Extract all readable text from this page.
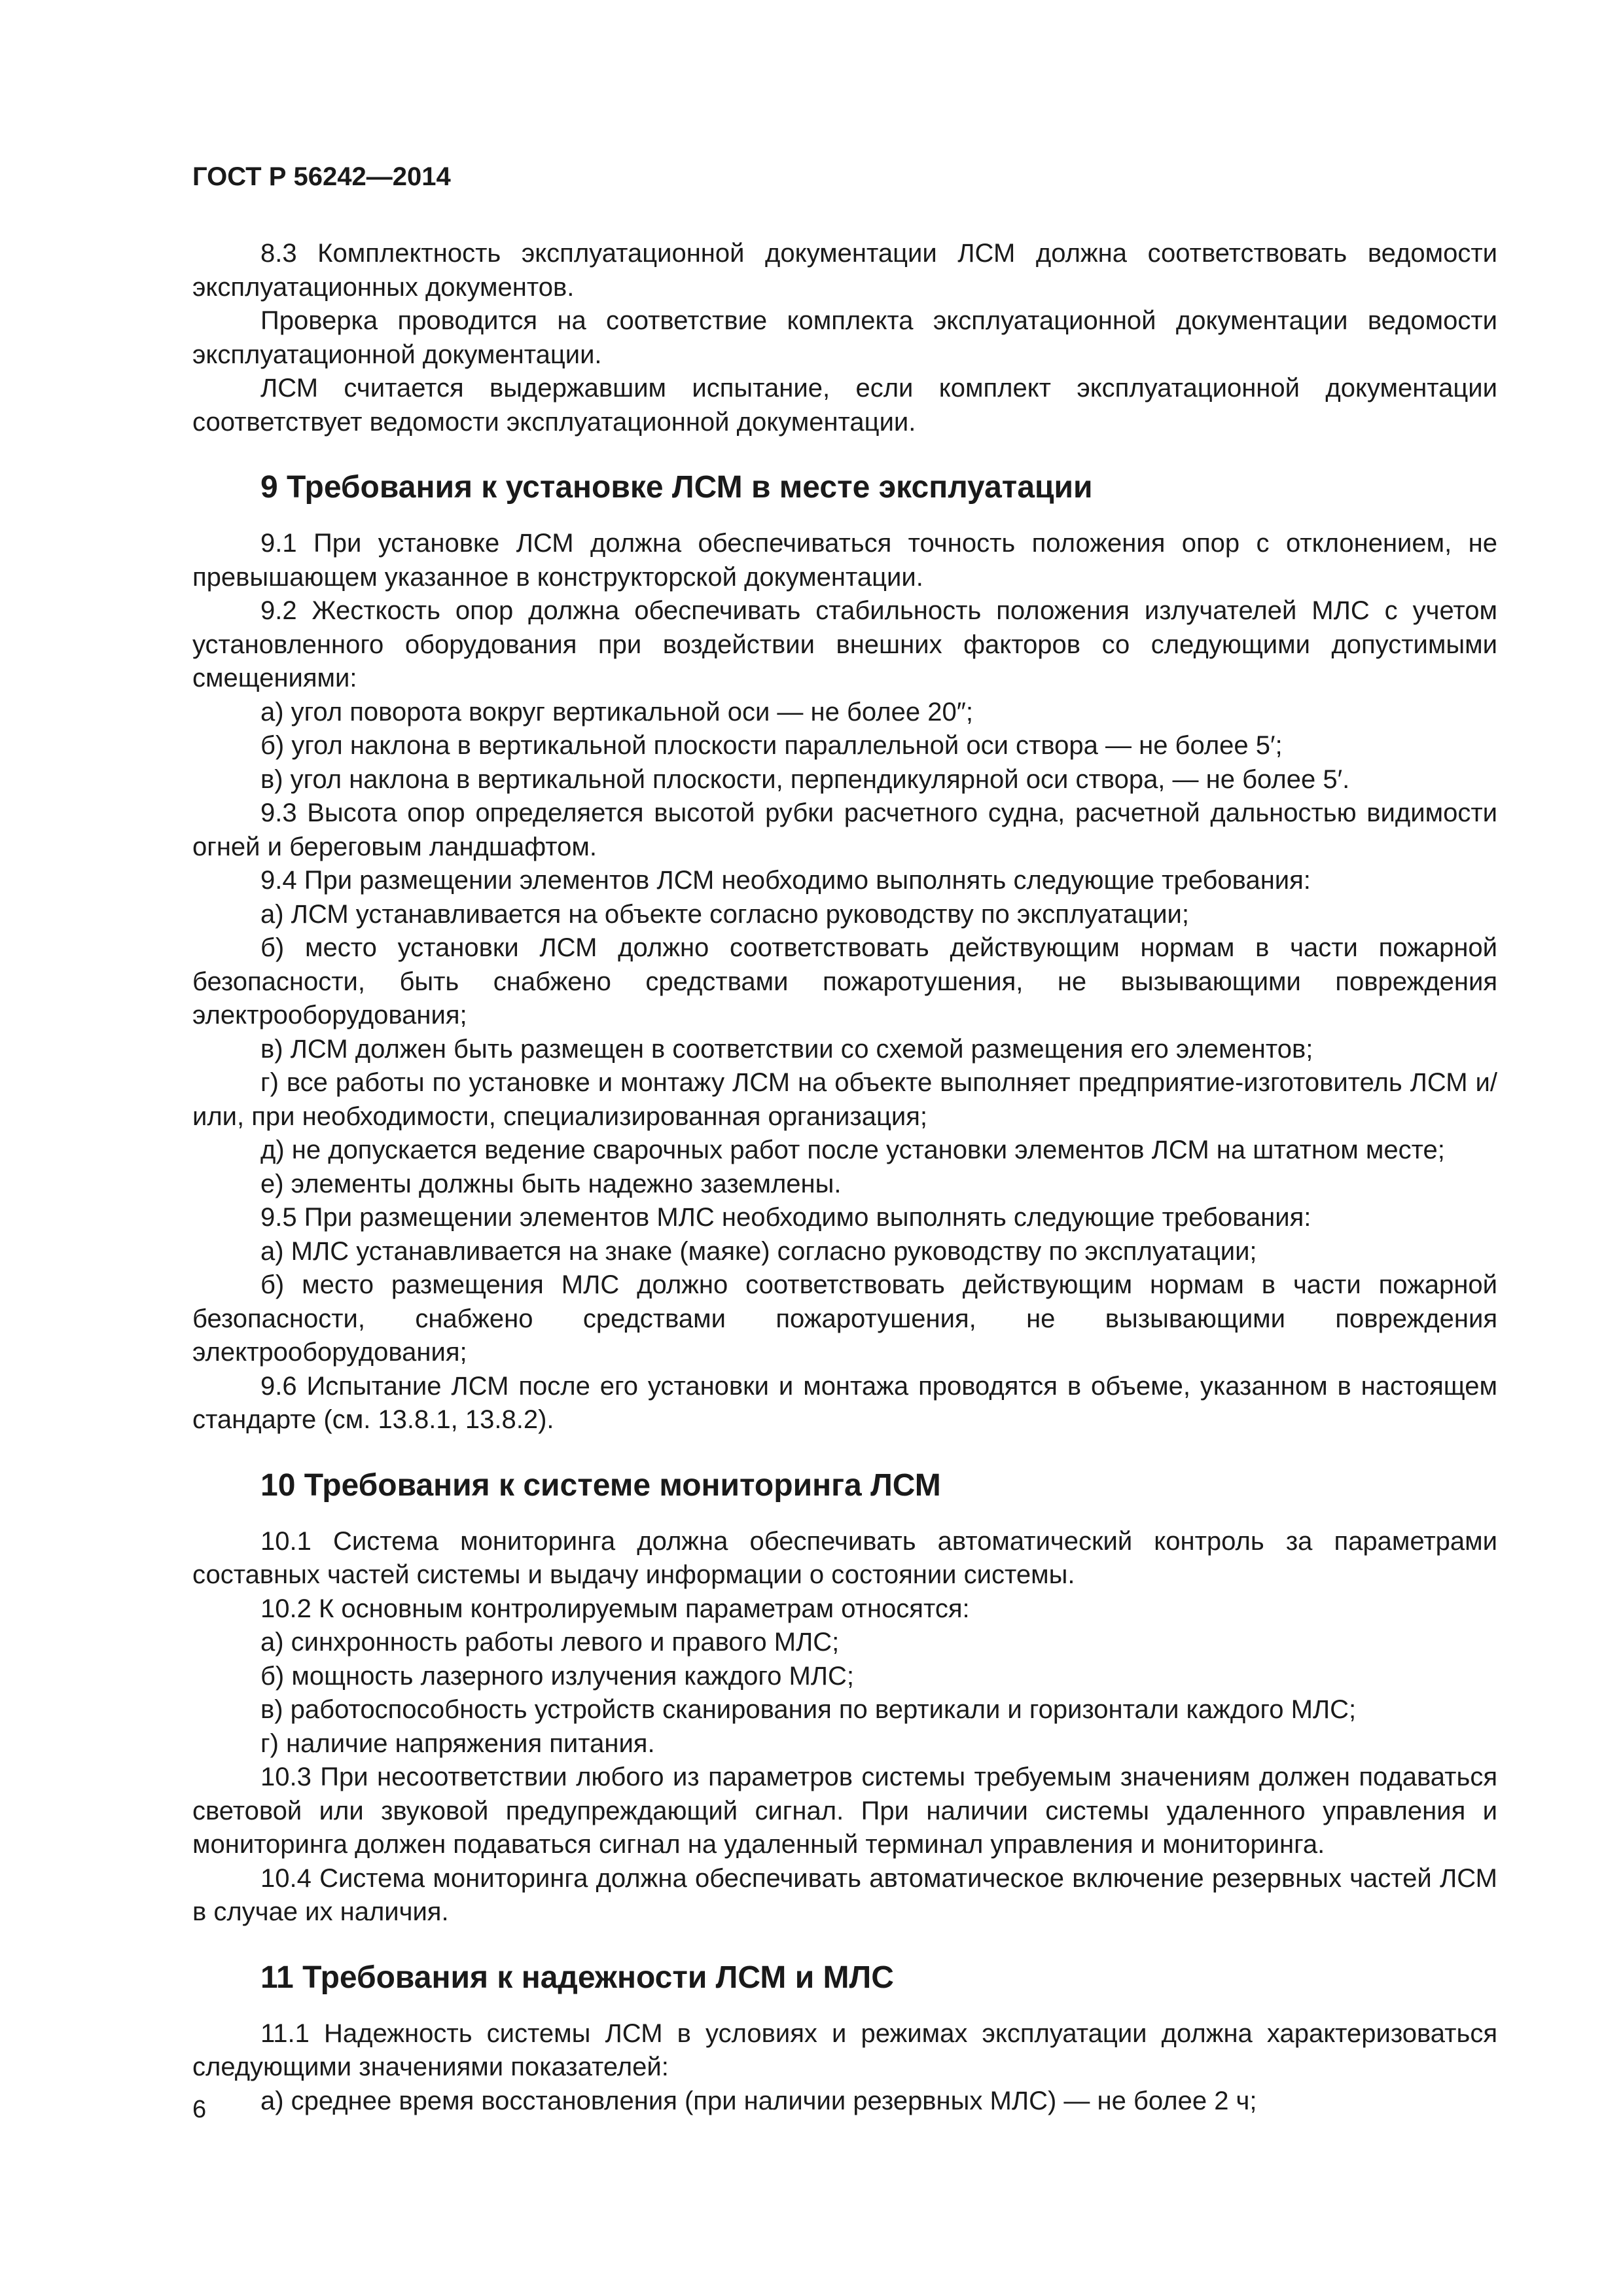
ГОСТ Р 56242—2014

8.3 Комплектность эксплуатационной документации ЛСМ должна соответствовать ведомости эксплуатационных документов.

Проверка проводится на соответствие комплекта эксплуатационной документации ведомости эксплуатационной документации.

ЛСМ считается выдержавшим испытание, если комплект эксплуатационной документации соответствует ведомости эксплуатационной документации.

9 Требования к установке ЛСМ в месте эксплуатации

9.1 При установке ЛСМ должна обеспечиваться точность положения опор с отклонением, не превышающем указанное в конструкторской документации.

9.2 Жесткость опор должна обеспечивать стабильность положения излучателей МЛС с учетом установленного оборудования при воздействии внешних факторов со следующими допустимыми смещениями:

а) угол поворота вокруг вертикальной оси — не более 20″;

б) угол наклона в вертикальной плоскости параллельной оси створа — не более 5′;

в) угол наклона в вертикальной плоскости, перпендикулярной оси створа, — не более 5′.

9.3 Высота опор определяется высотой рубки расчетного судна, расчетной дальностью видимости огней и береговым ландшафтом.

9.4 При размещении элементов ЛСМ необходимо выполнять следующие требования:

а) ЛСМ устанавливается на объекте согласно руководству по эксплуатации;

б) место установки ЛСМ должно соответствовать действующим нормам в части пожарной безопасности, быть снабжено средствами пожаротушения, не вызывающими повреждения электрооборудования;

в) ЛСМ должен быть размещен в соответствии со схемой размещения его элементов;

г) все работы по установке и монтажу ЛСМ на объекте выполняет предприятие-изготовитель ЛСМ и/или, при необходимости, специализированная организация;

д) не допускается ведение сварочных работ после установки элементов ЛСМ на штатном месте;

е) элементы должны быть надежно заземлены.

9.5 При размещении элементов МЛС необходимо выполнять следующие требования:

а) МЛС устанавливается на знаке (маяке) согласно руководству по эксплуатации;

б) место размещения МЛС должно соответствовать действующим нормам в части пожарной безопасности, снабжено средствами пожаротушения, не вызывающими повреждения электрооборудования;

9.6 Испытание ЛСМ после его установки и монтажа проводятся в объеме, указанном в настоящем стандарте (см. 13.8.1, 13.8.2).

10 Требования к системе мониторинга ЛСМ

10.1 Система мониторинга должна обеспечивать автоматический контроль за параметрами составных частей системы и выдачу информации о состоянии системы.

10.2 К основным контролируемым параметрам относятся:

а) синхронность работы левого и правого МЛС;

б) мощность лазерного излучения каждого МЛС;

в) работоспособность устройств сканирования по вертикали и горизонтали каждого МЛС;

г) наличие напряжения питания.

10.3 При несоответствии любого из параметров системы требуемым значениям должен подаваться световой или звуковой предупреждающий сигнал. При наличии системы удаленного управления и мониторинга должен подаваться сигнал на удаленный терминал управления и мониторинга.

10.4 Система мониторинга должна обеспечивать автоматическое включение резервных частей ЛСМ в случае их наличия.

11 Требования к надежности ЛСМ и МЛС

11.1 Надежность системы ЛСМ в условиях и режимах эксплуатации должна характеризоваться следующими значениями показателей:

а) среднее время восстановления (при наличии резервных МЛС) — не более 2 ч;

6
